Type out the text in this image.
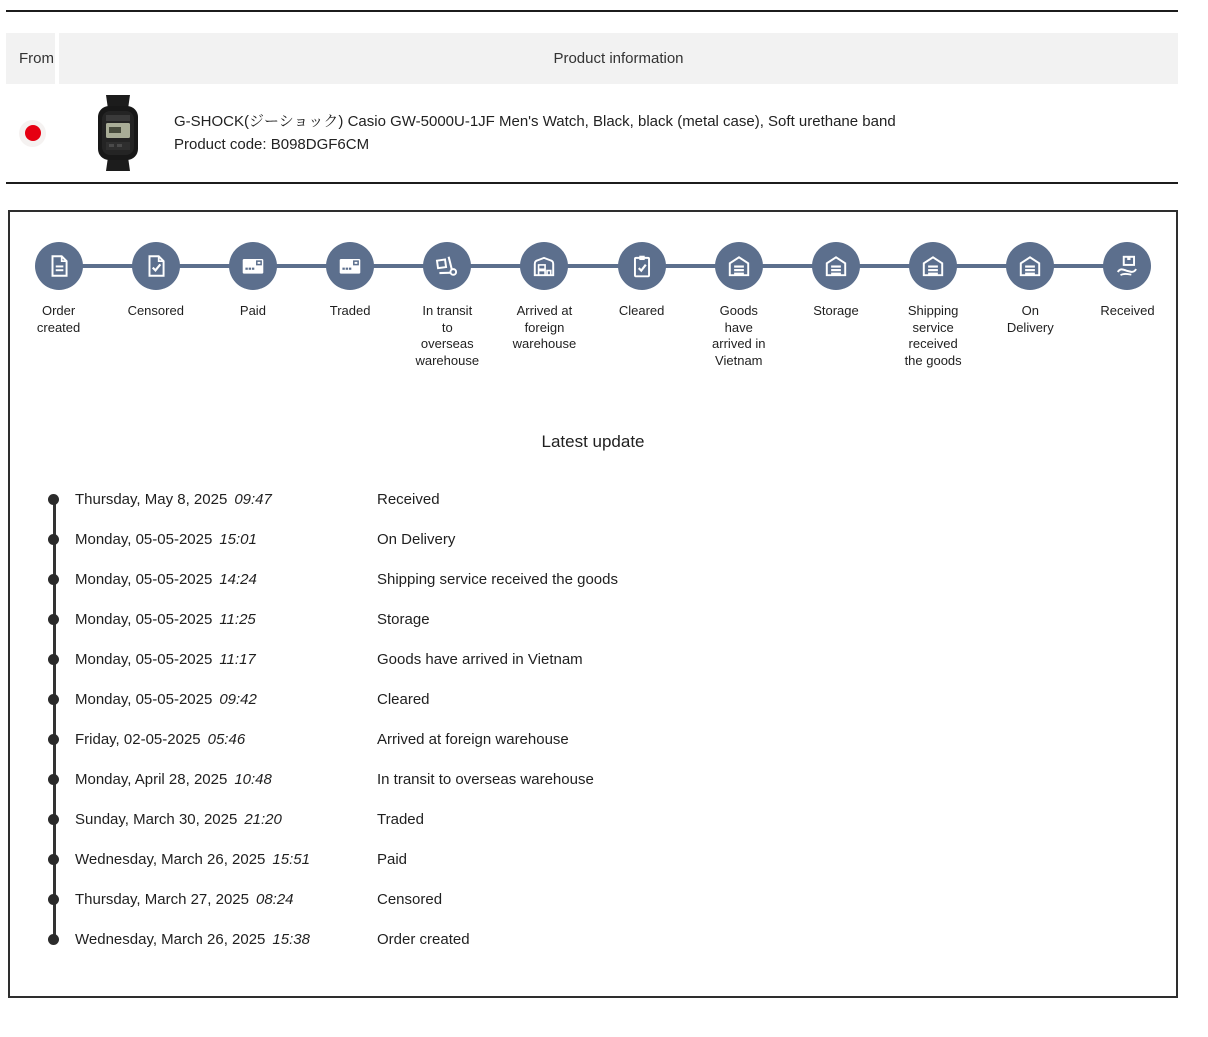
From	Product information
G-SHOCK(ジーショック) Casio GW-5000U-1JF Men's Watch, Black, black (metal case), Soft urethane band
Product code: B098DGF6CM
Order created
Censored	Paid	Traded	In transit to overseas warehouse
Arrived at foreign warehouse
Cleared	Goods have arrived in Vietnam
Storage	Shipping service received the goods
On Delivery
Received
Latest update
Thursday, May 8, 2025 09:47	Received
Monday, 05-05-2025 15:01	On Delivery
Monday, 05-05-2025 14:24	Shipping service received the goods
Monday, 05-05-2025 11:25	Storage
Monday, 05-05-2025 11:17	Goods have arrived in Vietnam
Monday, 05-05-2025 09:42	Cleared
Friday, 02-05-2025 05:46	Arrived at foreign warehouse
Monday, April 28, 2025 10:48	In transit to overseas warehouse
Sunday, March 30, 2025 21:20	Traded
Wednesday, March 26, 2025 15:51	Paid
Thursday, March 27, 2025 08:24	Censored
Wednesday, March 26, 2025 15:38	Order created
